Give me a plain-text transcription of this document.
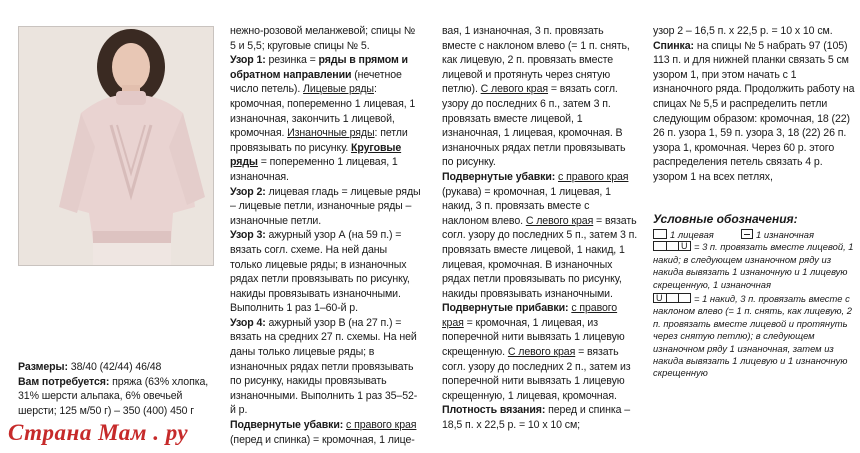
Размеры: 38/40 (42/44) 46/48

Вам потребуется: пряжа (63% хлопка, 31% шерсти альпака, 6% овечьей шерсти; 125 м/50 г) – 350 (400) 450 г

нежно-розовой меланжевой; спицы № 5 и 5,5; круговые спицы № 5.

Узор 1: резинка = ряды в прямом и обратном направлении (нечетное число петель). Лицевые ряды: кромочная, попеременно 1 лицевая, 1 изнаночная, закончить 1 лицевой, кромочная. Изнаночные ряды: петли провязывать по рисунку. Круговые ряды = попеременно 1 лицевая, 1 изнаночная.

Узор 2: лицевая гладь = лицевые ряды – лицевые петли, изнаночные ряды – изнаночные петли.

Узор 3: ажурный узор А (на 59 п.) = вязать согл. схеме. На ней даны только лицевые ряды; в изнаночных рядах петли провязывать по рисунку, накиды провязывать изнаночными. Выполнить 1 раз 1–60-й р.

Узор 4: ажурный узор В (на 27 п.) = вязать на средних 27 п. схемы. На ней даны только лицевые ряды; в изнаночных рядах петли провязывать по рисунку, накиды провязывать изнаночными. Выполнить 1 раз 35–52-й р.

Подвернутые убавки: с правого края (перед и спинка) = кромочная, 1 лице-

вая, 1 изнаночная, 3 п. провязать вместе с наклоном влево (= 1 п. снять, как лицевую, 2 п. провязать вместе лицевой и протянуть через снятую петлю). С левого края = вязать согл. узору до последних 6 п., затем 3 п. провязать вместе лицевой, 1 изнаночная, 1 лицевая, кромочная. В изнаночных рядах петли провязывать по рисунку.

Подвернутые убавки: с правого края (рукава) = кромочная, 1 лицевая, 1 накид, 3 п. провязать вместе с наклоном влево. С левого края = вязать согл. узору до последних 5 п., затем 3 п. провязать вместе лицевой, 1 накид, 1 лицевая, кромочная. В изнаночных рядах петли провязывать по рисунку, накиды провязывать изнаночными.

Подвернутые прибавки: с правого края = кромочная, 1 лицевая, из поперечной нити вывязать 1 лицевую скрещенную. С левого края = вязать согл. узору до последних 2 п., затем из поперечной нити вывязать 1 лицевую скрещенную, 1 лицевая, кромочная.

Плотность вязания: перед и спинка – 18,5 п. х 22,5 р. = 10 х 10 см;

узор 2 – 16,5 п. х 22,5 р. = 10 х 10 см.

Спинка: на спицы № 5 набрать 97 (105) 113 п. и для нижней планки связать 5 см узором 1, при этом начать с 1 изнаночного ряда. Продолжить работу на спицах № 5,5 и распределить петли следующим образом: кромочная, 18 (22) 26 п. узора 1, 59 п. узора 3, 18 (22) 26 п. узора 1, кромочная. Через 60 р. этого распределения петель связать 4 р. узором 1 на всех петлях,

Условные обозначения:
1 лицевая	1 изнаночная
U = 3 п. провязать вместе лицевой, 1 накид; в следующем изнаночном ряду из накида вывязать 1 изнаночную и 1 лицевую скрещенную, 1 изнаночная
U	= 1 накид, 3 п. провязать вместе с наклоном влево (= 1 п. снять, как лицевую, 2 п. провязать вместе лицевой и протянуть через снятую петлю); в следующем изнаночном ряду 1 изнаночная, затем из накида вывязать 1 лицевую и 1 изнаночную скрещенную
Страна Мам . ру
